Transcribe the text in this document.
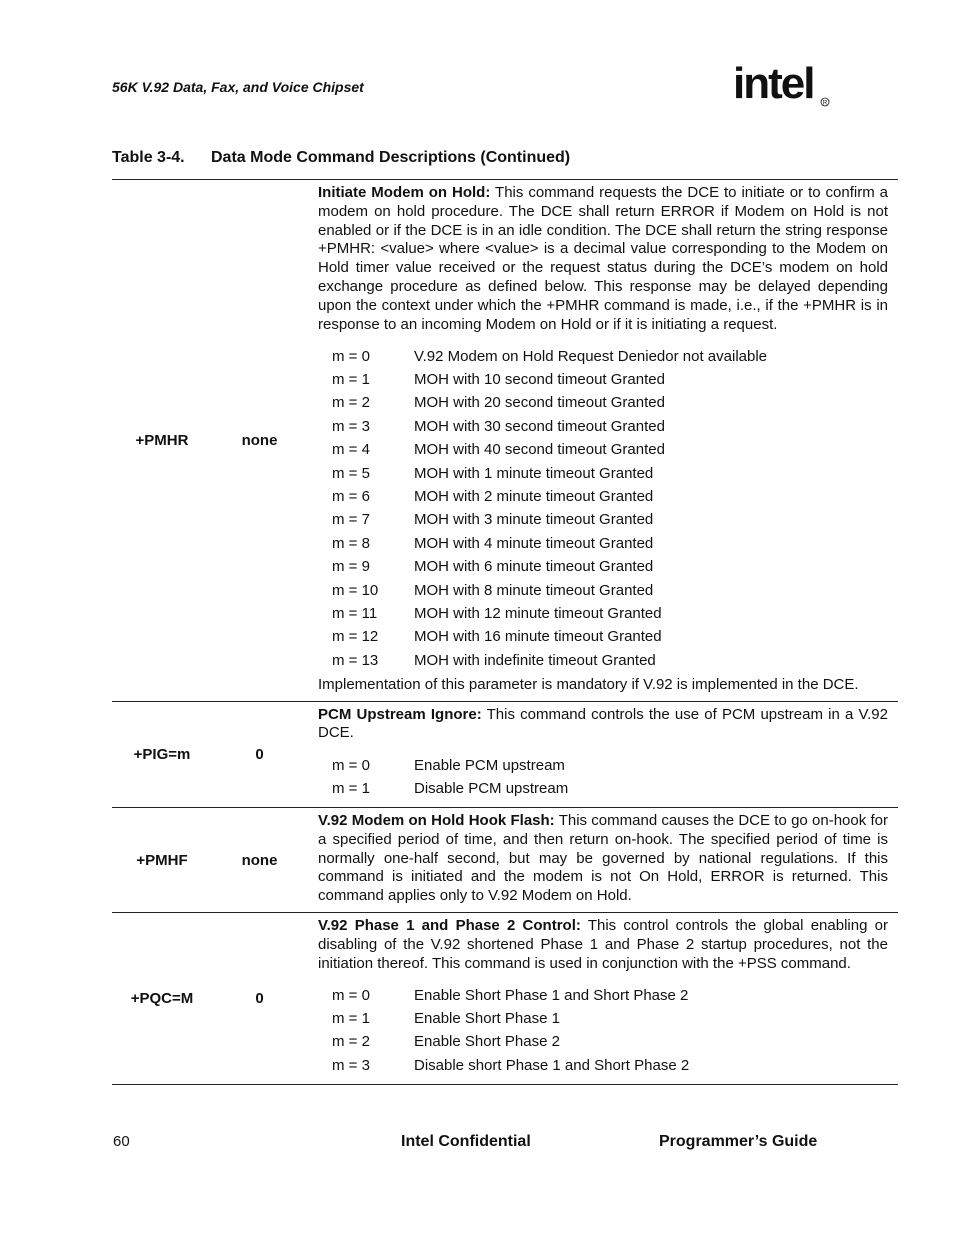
56K V.92 Data, Fax, and Voice Chipset	intel R
Table 3-4. Data Mode Command Descriptions (Continued)
+PMHR	none

Initiate Modem on Hold: This command requests the DCE to initiate or to confirm a modem on hold procedure. The DCE shall return ERROR if Modem on Hold is not enabled or if the DCE is in an idle condition. The DCE shall return the string response +PMHR: <value> where <value> is a decimal value corresponding to the Modem on Hold timer value received or the request status during the DCE’s modem on hold exchange procedure as defined below. This response may be delayed depending upon the context under which the +PMHR command is made, i.e., if the +PMHR is in response to an incoming Modem on Hold or if it is initiating a request.

m = 0	V.92 Modem on Hold Request Deniedor not available
m = 1	MOH with 10 second timeout Granted
m = 2	MOH with 20 second timeout Granted
m = 3	MOH with 30 second timeout Granted
m = 4	MOH with 40 second timeout Granted
m = 5	MOH with 1 minute timeout Granted
m = 6	MOH with 2 minute timeout Granted
m = 7	MOH with 3 minute timeout Granted
m = 8	MOH with 4 minute timeout Granted
m = 9	MOH with 6 minute timeout Granted
m = 10	MOH with 8 minute timeout Granted
m = 11	MOH with 12 minute timeout Granted
m = 12	MOH with 16 minute timeout Granted
m = 13	MOH with indefinite timeout Granted

Implementation of this parameter is mandatory if V.92 is implemented in the DCE.

+PIG=m	0

PCM Upstream Ignore: This command controls the use of PCM upstream in a V.92 DCE.

m = 0	Enable PCM upstream
m = 1	Disable PCM upstream
+PMHF	none

V.92 Modem on Hold Hook Flash: This command causes the DCE to go on-hook for a specified period of time, and then return on-hook. The specified period of time is normally one-half second, but may be governed by national regulations. If this command is initiated and the modem is not On Hold, ERROR is returned. This command applies only to V.92 Modem on Hold.

+PQC=M	0

V.92 Phase 1 and Phase 2 Control: This control controls the global enabling or disabling of the V.92 shortened Phase 1 and Phase 2 startup procedures, not the initiation thereof. This command is used in conjunction with the +PSS command.

m = 0	Enable Short Phase 1 and Short Phase 2
m = 1	Enable Short Phase 1
m = 2	Enable Short Phase 2
m = 3	Disable short Phase 1 and Short Phase 2
60	Intel Confidential	Programmer’s Guide
